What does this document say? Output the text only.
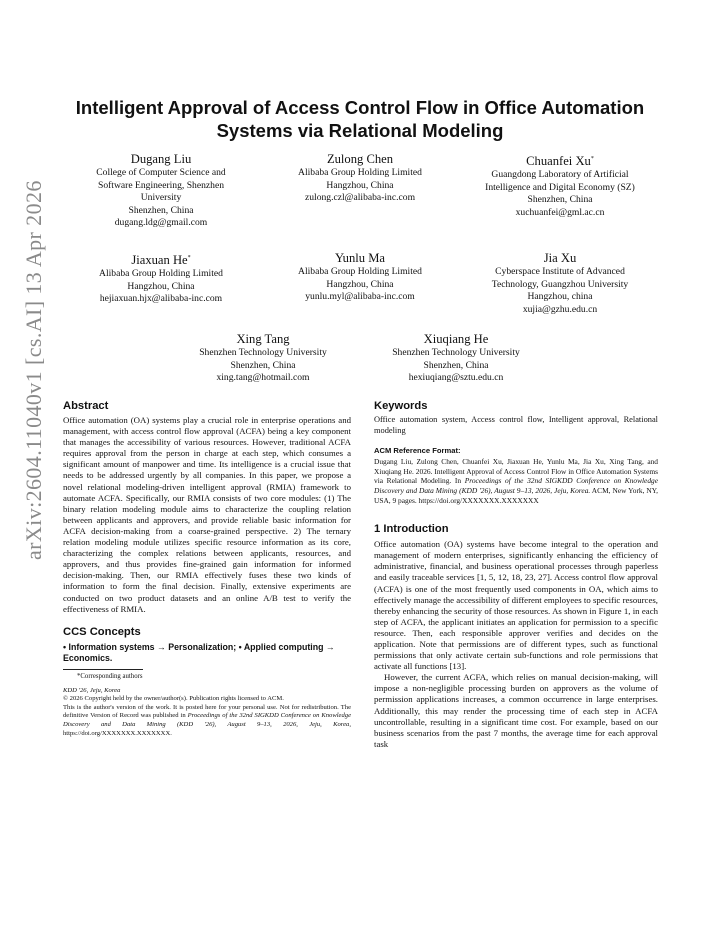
arXiv:2604.11040v1 [cs.AI] 13 Apr 2026
Intelligent Approval of Access Control Flow in Office Automation
Systems via Relational Modeling
Dugang Liu
College of Computer Science and
Software Engineering, Shenzhen
University
Shenzhen, China
dugang.ldg@gmail.com
Zulong Chen
Alibaba Group Holding Limited
Hangzhou, China
zulong.czl@alibaba-inc.com
Chuanfei Xu*
Guangdong Laboratory of Artificial
Intelligence and Digital Economy (SZ)
Shenzhen, China
xuchuanfei@gml.ac.cn
Jiaxuan He*
Alibaba Group Holding Limited
Hangzhou, China
hejiaxuan.hjx@alibaba-inc.com
Yunlu Ma
Alibaba Group Holding Limited
Hangzhou, China
yunlu.myl@alibaba-inc.com
Jia Xu
Cyberspace Institute of Advanced
Technology, Guangzhou University
Hangzhou, china
xujia@gzhu.edu.cn
Xing Tang
Shenzhen Technology University
Shenzhen, China
xing.tang@hotmail.com
Xiuqiang He
Shenzhen Technology University
Shenzhen, China
hexiuqiang@sztu.edu.cn
Abstract

Office automation (OA) systems play a crucial role in enterprise operations and management, with access control flow approval (ACFA) being a key component that manages the accessibility of various resources. However, traditional ACFA requires approval from the person in charge at each step, which consumes a significant amount of manpower and time. Its intelligence is a crucial issue that needs to be addressed urgently by all companies. In this paper, we propose a novel relational modeling-driven intelligent approval (RMIA) framework to automate ACFA. Specifically, our RMIA consists of two core modules: (1) The binary relation modeling module aims to characterize the coupling relation between applicants and approvers, and provide reliable basic information for ACFA decision-making from a coarse-grained perspective. 2) The ternary relation modeling module utilizes specific resource information as its core, characterizing the complex relations between applicants, resources, and approvers, and thus provides fine-grained gain information for informed decision-making. Then, our RMIA effectively fuses these two kinds of information to form the final decision. Finally, extensive experiments are conducted on two product datasets and an online A/B test to verify the effectiveness of RMIA.

CCS Concepts

• Information systems → Personalization; • Applied computing → Economics.

*Corresponding authors

KDD '26, Jeju, Korea
© 2026 Copyright held by the owner/author(s). Publication rights licensed to ACM.
This is the author's version of the work. It is posted here for your personal use. Not for redistribution. The definitive Version of Record was published in Proceedings of the 32nd SIGKDD Conference on Knowledge Discovery and Data Mining (KDD '26), August 9–13, 2026, Jeju, Korea, https://doi.org/XXXXXXX.XXXXXXX.

Keywords

Office automation system, Access control flow, Intelligent approval, Relational modeling

ACM Reference Format:

Dugang Liu, Zulong Chen, Chuanfei Xu, Jiaxuan He, Yunlu Ma, Jia Xu, Xing Tang, and Xiuqiang He. 2026. Intelligent Approval of Access Control Flow in Office Automation Systems via Relational Modeling. In Proceedings of the 32nd SIGKDD Conference on Knowledge Discovery and Data Mining (KDD '26), August 9–13, 2026, Jeju, Korea. ACM, New York, NY, USA, 9 pages. https://doi.org/XXXXXXX.XXXXXXX

1 Introduction

Office automation (OA) systems have become integral to the operation and management of modern enterprises, significantly enhancing the efficiency of administrative, financial, and business operational processes through paperless and easily traceable services [1, 5, 12, 18, 23, 27]. Access control flow approval (ACFA) is one of the most frequently used components in OA, which aims to effectively manage the accessibility of different employees to specific resources, thereby enhancing the security of those resources. As shown in Figure 1, in each step of ACFA, the applicant initiates an application for permission to a specific resource. Then, each responsible approver verifies and decides on the application. Note that permissions are of different types, such as functional permissions that only activate certain sub-functions and role permissions that activate all functions [13].

However, the current ACFA, which relies on manual decision-making, will impose a non-negligible processing burden on approvers as the volume of permission applications increases, a common occurrence in large enterprises. Additionally, this may render the processing time of each step in ACFA uncontrollable, resulting in a significant time cost. For example, based on our business scenarios from the past 7 months, the average time for each approval task
